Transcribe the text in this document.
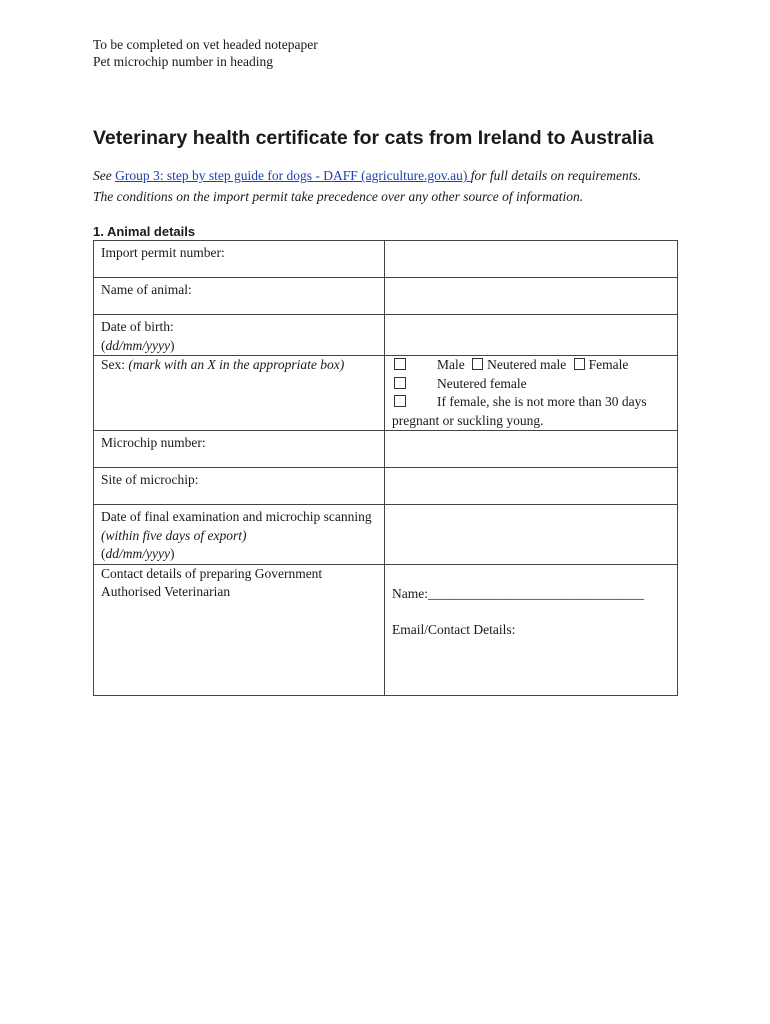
To be completed on vet headed notepaper
Pet microchip number in heading
Veterinary health certificate for cats from Ireland to Australia
See Group 3: step by step guide for dogs - DAFF (agriculture.gov.au) for full details on requirements.
The conditions on the import permit take precedence over any other source of information.
1. Animal details
Import permit number:	
Name of animal:	

Date of birth:
(dd/mm/yyyy)	

Sex: (mark with an X in the appropriate box)	Male Neutered male Female
Neutered female
If female, she is not more than 30 days pregnant or suckling young.

Microchip number:	
Site of microchip:	
Date of final examination and microchip scanning (within five days of export)
(dd/mm/yyyy)	

Contact details of preparing Government Authorised Veterinarian	Name:________________________________
Email/Contact Details:
